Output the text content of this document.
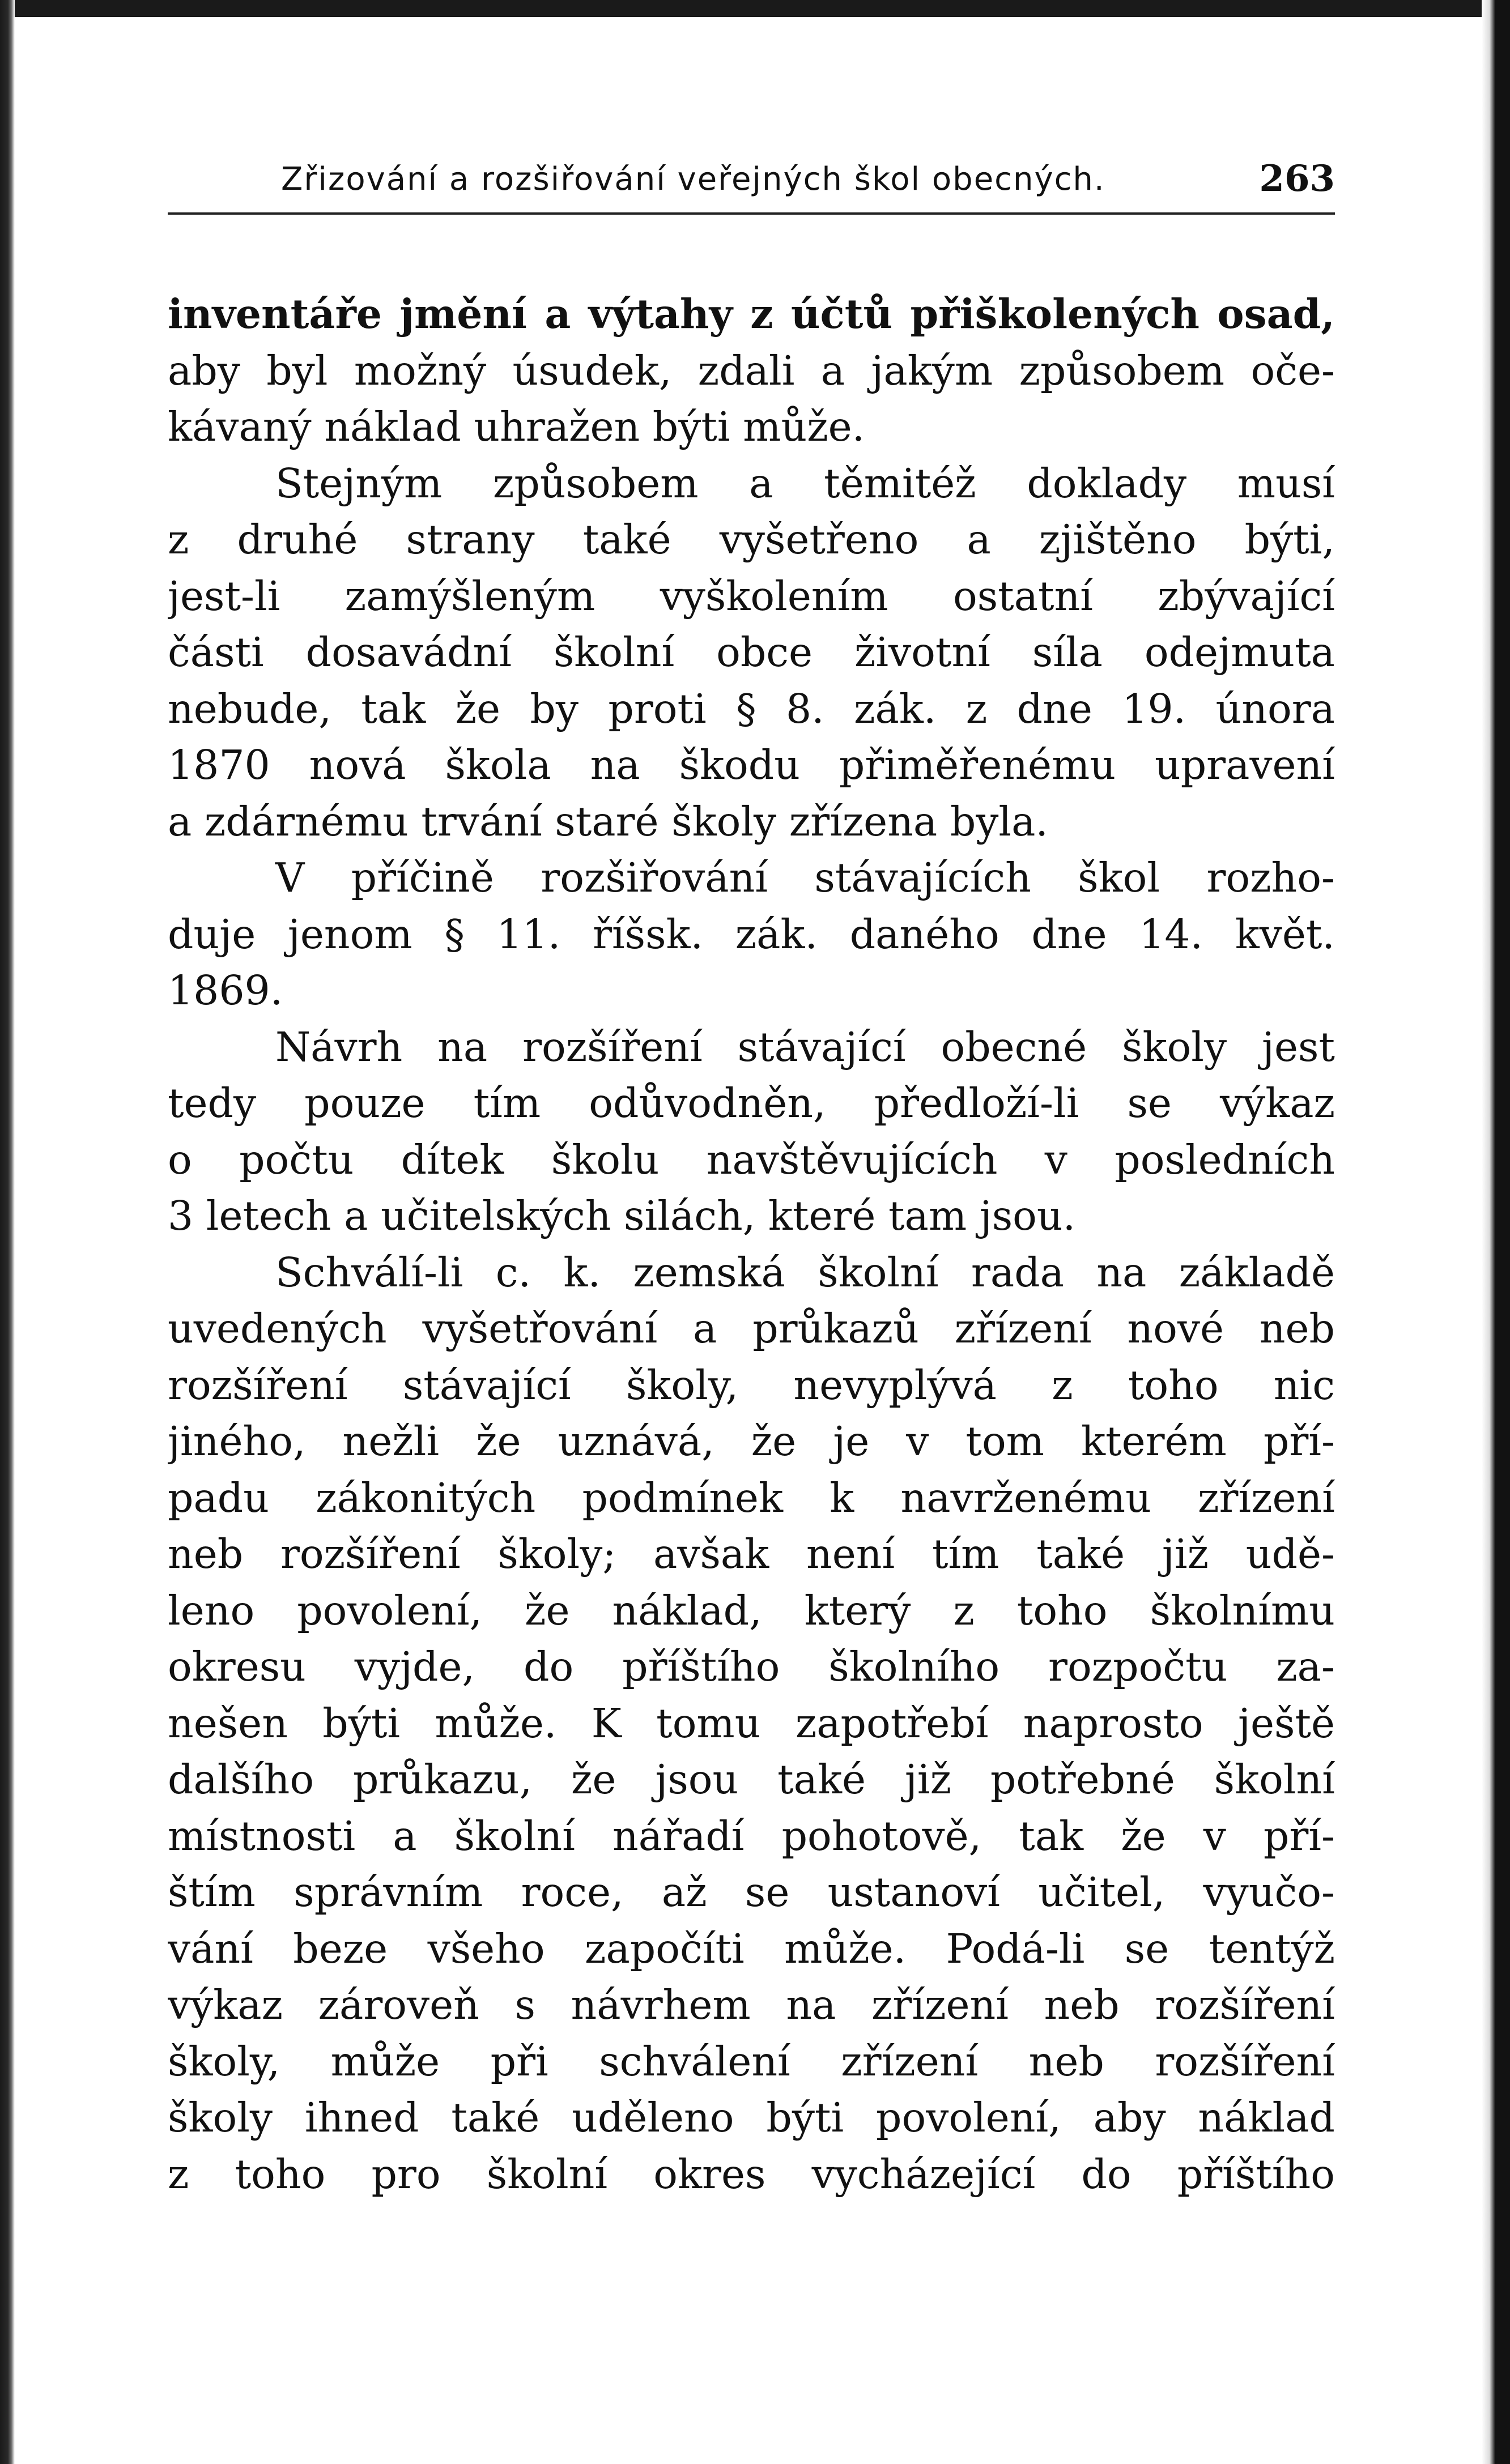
Zřizování a rozšiřování veřejných škol obecných.	263
inventáře jmění a výtahy z účtů přiškolených osad,
aby byl možný úsudek, zdali a jakým způsobem oče-
kávaný náklad uhražen býti může.
Stejným způsobem a těmitéž doklady musí
z druhé strany také vyšetřeno a zjištěno býti,
jest-li zamýšleným vyškolením ostatní zbývající
části dosavádní školní obce životní síla odejmuta
nebude, tak že by proti § 8. zák. z dne 19. února
1870 nová škola na škodu přiměřenému upravení
a zdárnému trvání staré školy zřízena byla.
V příčině rozšiřování stávajících škol rozho-
duje jenom § 11. říšsk. zák. daného dne 14. květ.
1869.
Návrh na rozšíření stávající obecné školy jest
tedy pouze tím odůvodněn, předloží-li se výkaz
o počtu dítek školu navštěvujících v posledních
3 letech a učitelských silách, které tam jsou.
Schválí-li c. k. zemská školní rada na základě
uvedených vyšetřování a průkazů zřízení nové neb
rozšíření stávající školy, nevyplývá z toho nic
jiného, nežli že uznává, že je v tom kterém pří-
padu zákonitých podmínek k navrženému zřízení
neb rozšíření školy; avšak není tím také již udě-
leno povolení, že náklad, který z toho školnímu
okresu vyjde, do příštího školního rozpočtu za-
nešen býti může. K tomu zapotřebí naprosto ještě
dalšího průkazu, že jsou také již potřebné školní
místnosti a školní nářadí pohotově, tak že v pří-
štím správním roce, až se ustanoví učitel, vyučo-
vání beze všeho započíti může. Podá-li se tentýž
výkaz zároveň s návrhem na zřízení neb rozšíření
školy, může při schválení zřízení neb rozšíření
školy ihned také uděleno býti povolení, aby náklad
z toho pro školní okres vycházející do příštího
